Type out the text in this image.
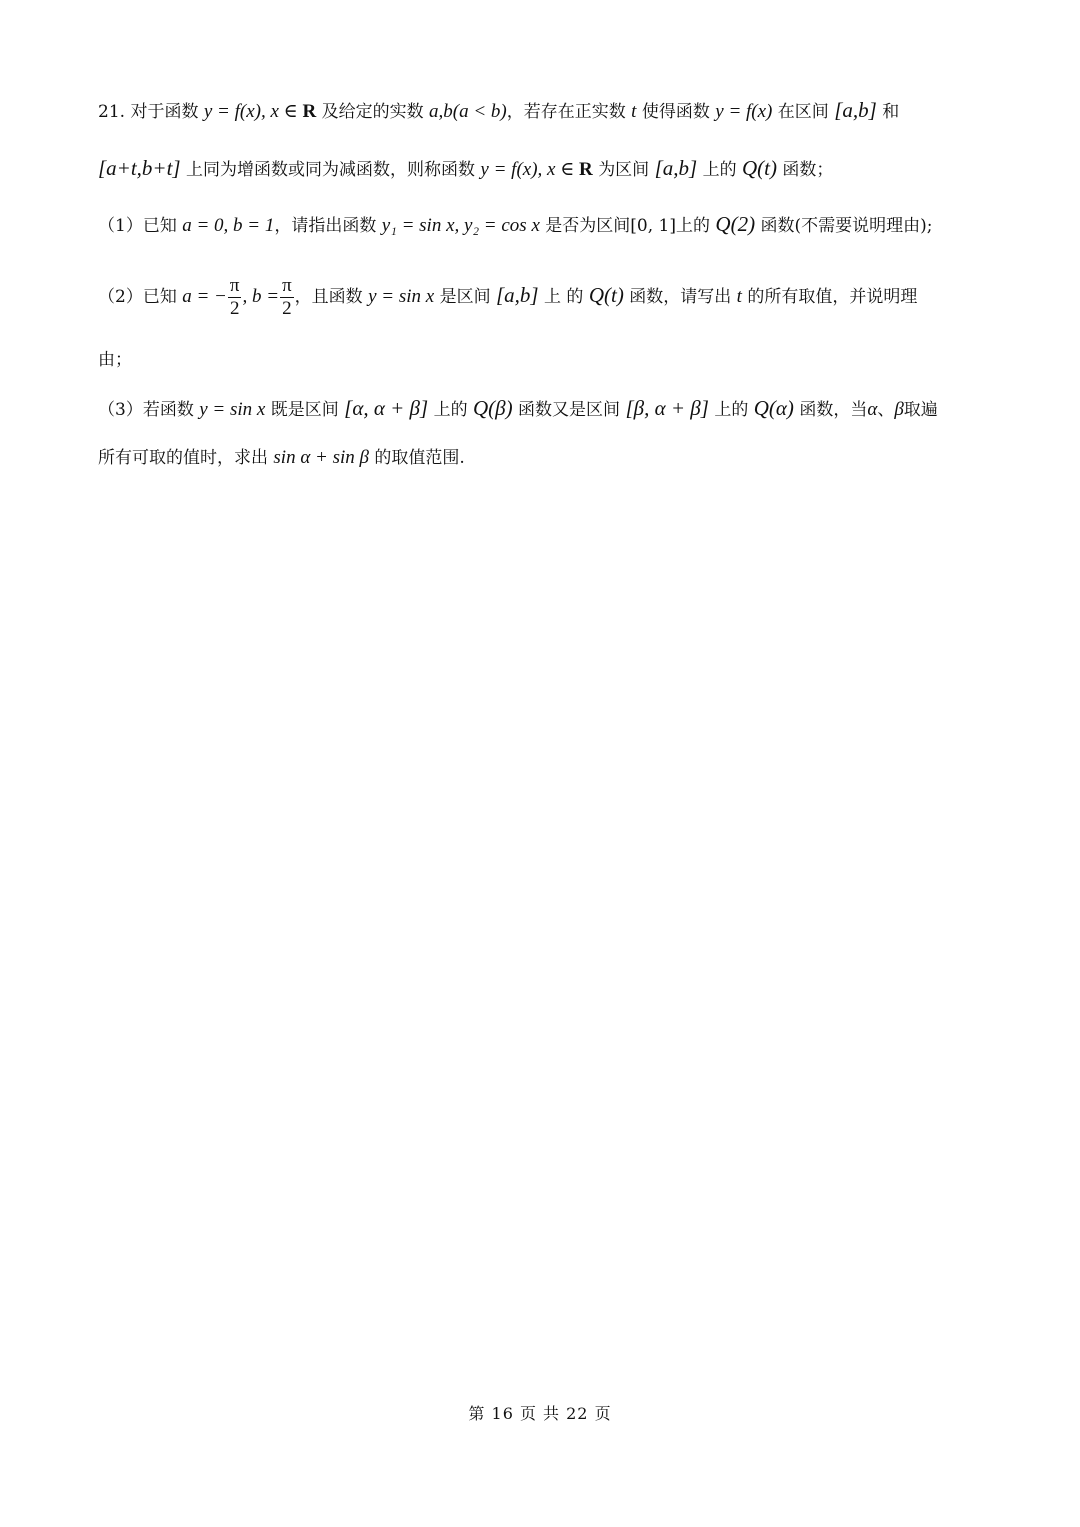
21. 对于函数 y = f(x), x ∈ R 及给定的实数 a,b(a < b)，若存在正实数 t 使得函数 y = f(x) 在区间 [a,b] 和
[a+t,b+t] 上同为增函数或同为减函数，则称函数 y = f(x), x ∈ R 为区间 [a,b] 上的 Q(t) 函数；
（1）已知 a = 0, b = 1，请指出函数 y₁ = sin x, y₂ = cos x 是否为区间[0, 1]上的 Q(2) 函数(不需要说明理由);
（2）已知 a = − $\frac{\pi}{2}$ , $b = \frac{\pi}{2}$ ，且函数 y = sin x 是区间 [a,b] 上 的 Q(t) 函数，请写出 t 的所有取值，并说明理
由；
（3）若函数 y = sin x 既是区间 [α, α + β] 上的 Q(β) 函数又是区间 [β, α + β] 上的 Q(α) 函数，当α、β取遍
所有可取的值时，求出 sin α + sin β 的取值范围.
第 16 页 共 22 页
